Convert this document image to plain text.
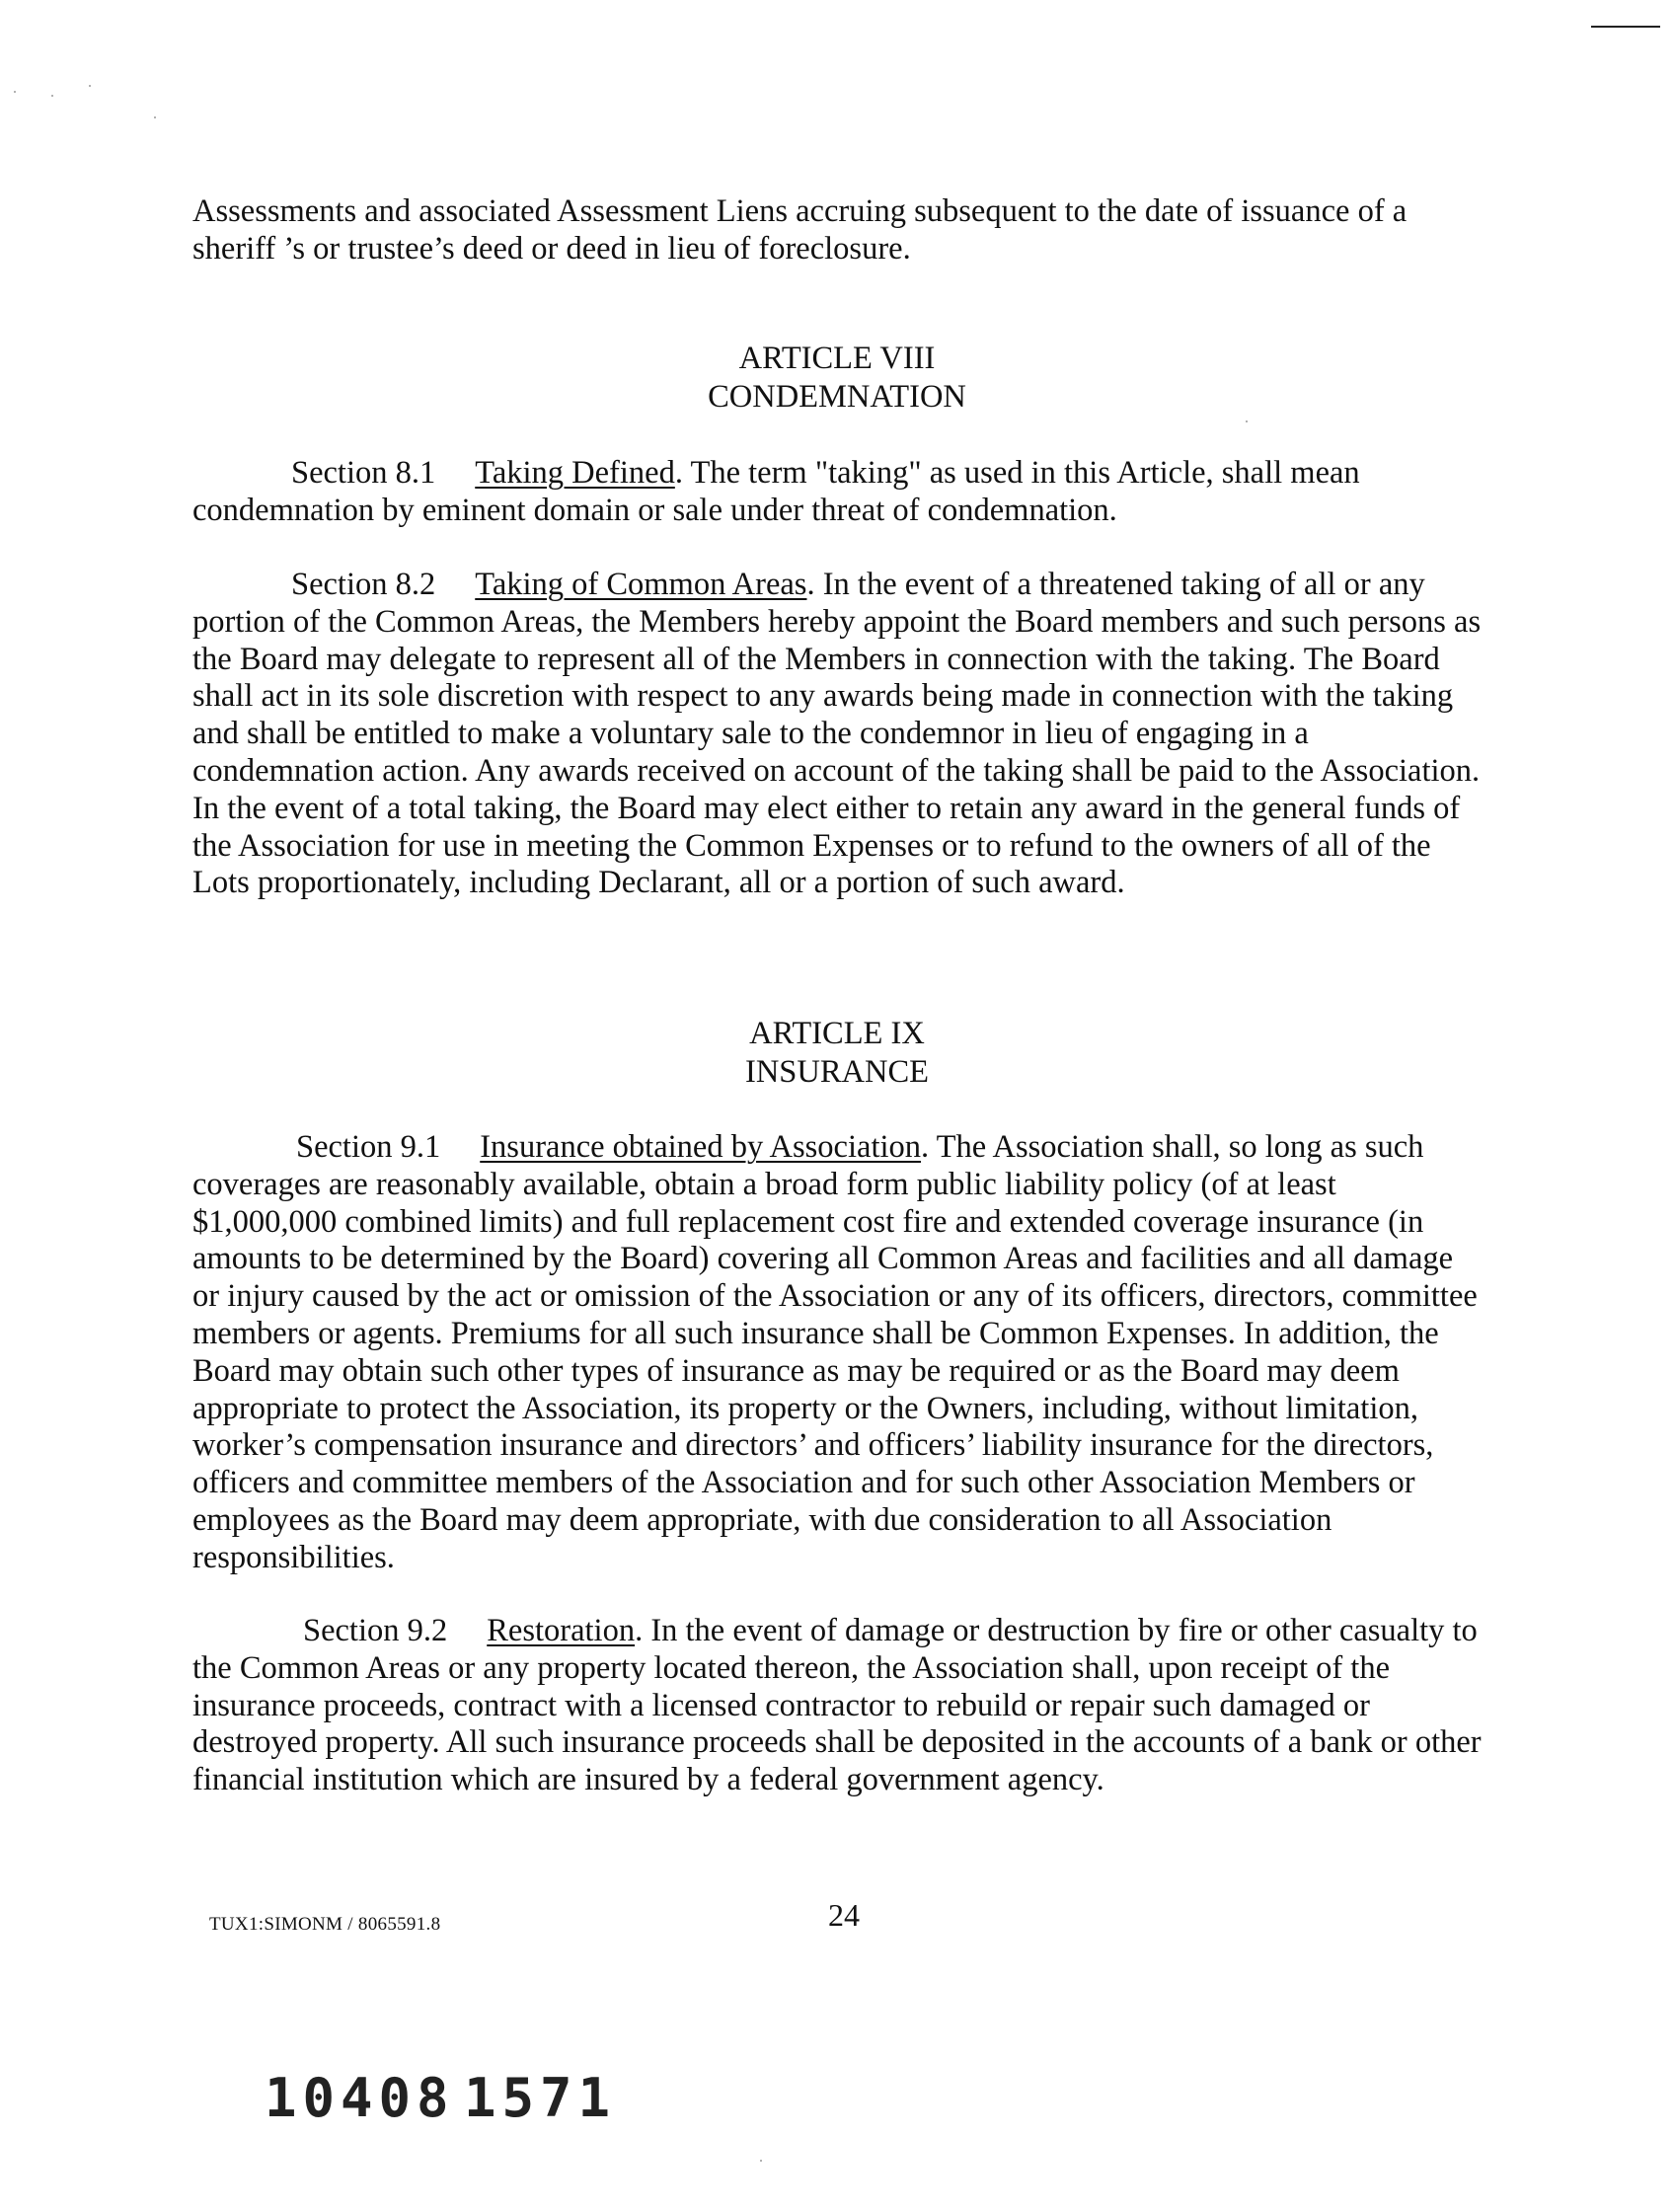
Assessments and associated Assessment Liens accruing subsequent to the date of issuance of a sheriff ’s or trustee’s deed or deed in lieu of foreclosure.

ARTICLE VIII
CONDEMNATION

Section 8.1 Taking Defined. The term "taking" as used in this Article, shall mean condemnation by eminent domain or sale under threat of condemnation.

Section 8.2 Taking of Common Areas. In the event of a threatened taking of all or any portion of the Common Areas, the Members hereby appoint the Board members and such persons as the Board may delegate to represent all of the Members in connection with the taking. The Board shall act in its sole discretion with respect to any awards being made in connection with the taking and shall be entitled to make a voluntary sale to the condemnor in lieu of engaging in a condemnation action. Any awards received on account of the taking shall be paid to the Association. In the event of a total taking, the Board may elect either to retain any award in the general funds of the Association for use in meeting the Common Expenses or to refund to the owners of all of the Lots proportionately, including Declarant, all or a portion of such award.

ARTICLE IX
INSURANCE

Section 9.1 Insurance obtained by Association. The Association shall, so long as such coverages are reasonably available, obtain a broad form public liability policy (of at least $1,000,000 combined limits) and full replacement cost fire and extended coverage insurance (in amounts to be determined by the Board) covering all Common Areas and facilities and all damage or injury caused by the act or omission of the Association or any of its officers, directors, committee members or agents. Premiums for all such insurance shall be Common Expenses. In addition, the Board may obtain such other types of insurance as may be required or as the Board may deem appropriate to protect the Association, its property or the Owners, including, without limitation, worker’s compensation insurance and directors’ and officers’ liability insurance for the directors, officers and committee members of the Association and for such other Association Members or employees as the Board may deem appropriate, with due consideration to all Association responsibilities.

Section 9.2 Restoration. In the event of damage or destruction by fire or other casualty to the Common Areas or any property located thereon, the Association shall, upon receipt of the insurance proceeds, contract with a licensed contractor to rebuild or repair such damaged or destroyed property. All such insurance proceeds shall be deposited in the accounts of a bank or other financial institution which are insured by a federal government agency.

TUX1:SIMONM / 8065591.8	24
10408 1571
